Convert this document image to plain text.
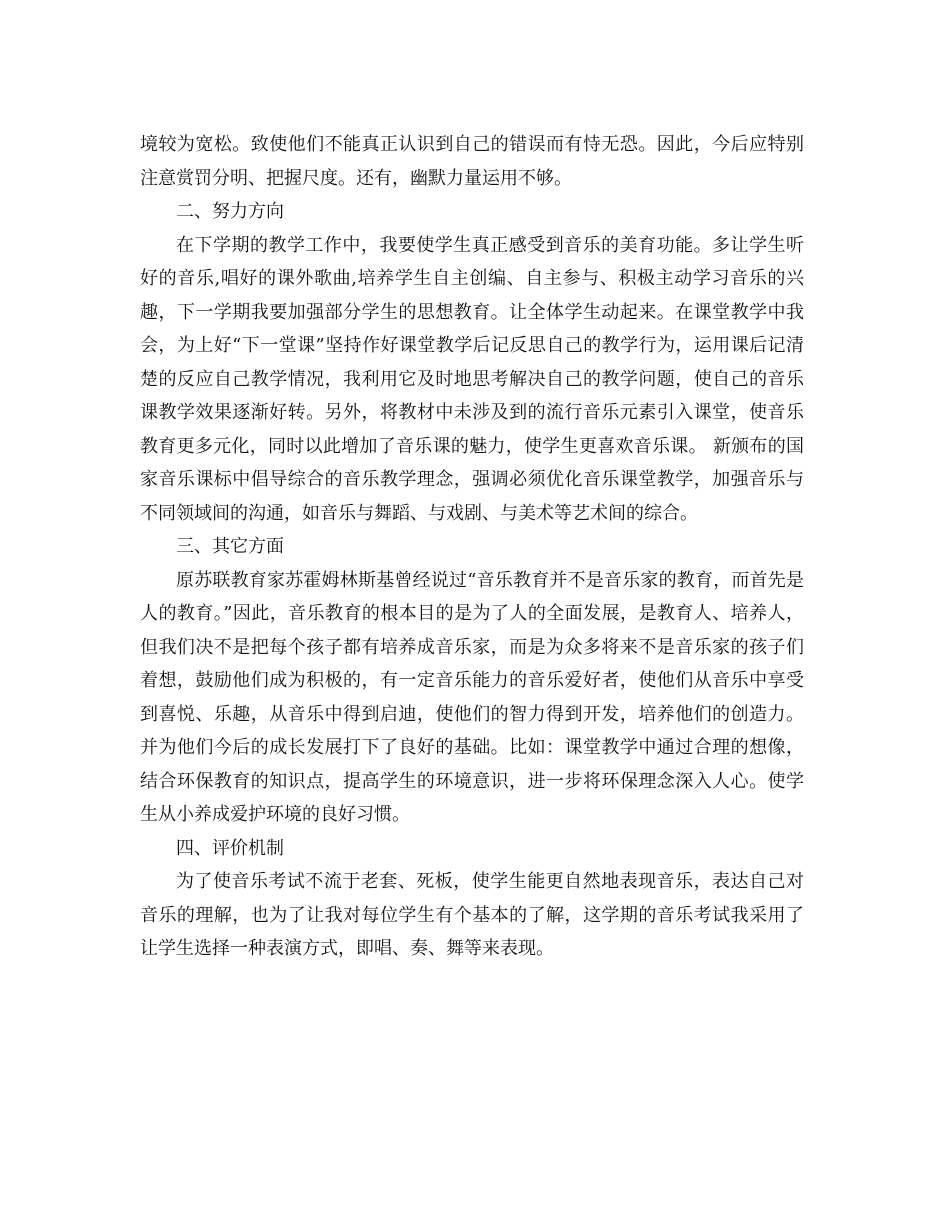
境较为宽松。致使他们不能真正认识到自己的错误而有恃无恐。因此，今后应特别注意赏罚分明、把握尺度。还有，幽默力量运用不够。

二、努力方向

在下学期的教学工作中，我要使学生真正感受到音乐的美育功能。多让学生听好的音乐,唱好的课外歌曲,培养学生自主创编、自主参与、积极主动学习音乐的兴趣，下一学期我要加强部分学生的思想教育。让全体学生动起来。在课堂教学中我会，为上好“下一堂课”坚持作好课堂教学后记反思自己的教学行为，运用课后记清楚的反应自己教学情况，我利用它及时地思考解决自己的教学问题，使自己的音乐课教学效果逐渐好转。另外，将教材中未涉及到的流行音乐元素引入课堂，使音乐教育更多元化，同时以此增加了音乐课的魅力，使学生更喜欢音乐课。 新颁布的国家音乐课标中倡导综合的音乐教学理念，强调必须优化音乐课堂教学，加强音乐与不同领域间的沟通，如音乐与舞蹈、与戏剧、与美术等艺术间的综合。

三、其它方面

原苏联教育家苏霍姆林斯基曾经说过“音乐教育并不是音乐家的教育，而首先是人的教育。”因此，音乐教育的根本目的是为了人的全面发展，是教育人、培养人，但我们决不是把每个孩子都有培养成音乐家，而是为众多将来不是音乐家的孩子们着想，鼓励他们成为积极的，有一定音乐能力的音乐爱好者，使他们从音乐中享受到喜悦、乐趣，从音乐中得到启迪，使他们的智力得到开发，培养他们的创造力。并为他们今后的成长发展打下了良好的基础。比如：课堂教学中通过合理的想像，结合环保教育的知识点，提高学生的环境意识，进一步将环保理念深入人心。使学生从小养成爱护环境的良好习惯。

四、评价机制

为了使音乐考试不流于老套、死板，使学生能更自然地表现音乐，表达自己对音乐的理解，也为了让我对每位学生有个基本的了解，这学期的音乐考试我采用了让学生选择一种表演方式，即唱、奏、舞等来表现。
